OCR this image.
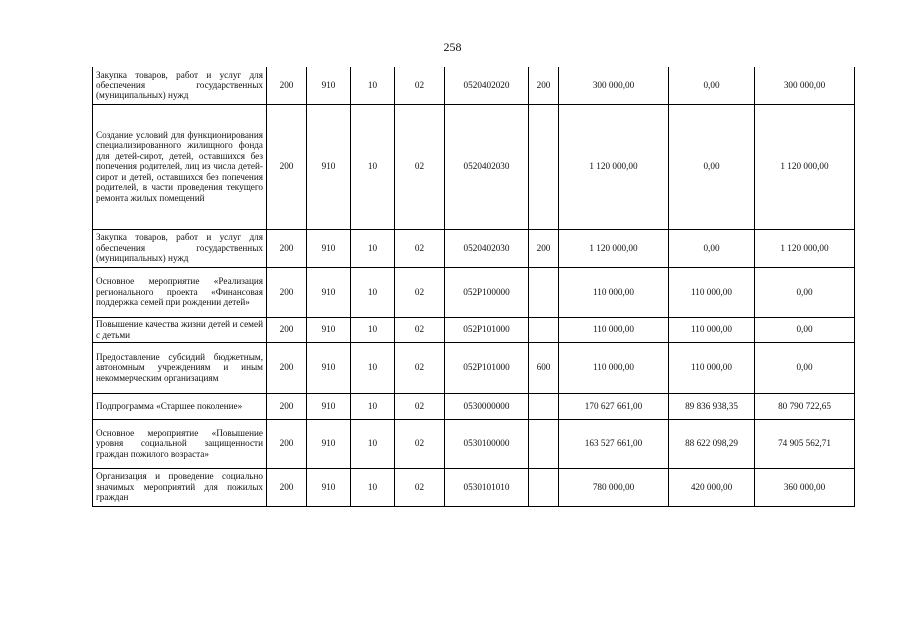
258
Закупка товаров, работ и услуг для обеспечения государственных (муниципальных) нужд	200	910	10	02	0520402020	200	300 000,00	0,00	300 000,00
Создание условий для функционирования специализированного жилищного фонда для детей-сирот, детей, оставшихся без попечения родителей, лиц из числа детей-сирот и детей, оставшихся без попечения родителей, в части проведения текущего ремонта жилых помещений	200	910	10	02	0520402030		1 120 000,00	0,00	1 120 000,00
Закупка товаров, работ и услуг для обеспечения государственных (муниципальных) нужд	200	910	10	02	0520402030	200	1 120 000,00	0,00	1 120 000,00
Основное мероприятие «Реализация регионального проекта «Финансовая поддержка семей при рождении детей»	200	910	10	02	052P100000		110 000,00	110 000,00	0,00
Повышение качества жизни детей и семей с детьми	200	910	10	02	052P101000		110 000,00	110 000,00	0,00
Предоставление субсидий бюджетным, автономным учреждениям и иным некоммерческим организациям	200	910	10	02	052P101000	600	110 000,00	110 000,00	0,00
Подпрограмма «Старшее поколение»	200	910	10	02	0530000000		170 627 661,00	89 836 938,35	80 790 722,65
Основное мероприятие «Повышение уровня социальной защищенности граждан пожилого возраста»	200	910	10	02	0530100000		163 527 661,00	88 622 098,29	74 905 562,71
Организация и проведение социально значимых мероприятий для пожилых граждан	200	910	10	02	0530101010		780 000,00	420 000,00	360 000,00
